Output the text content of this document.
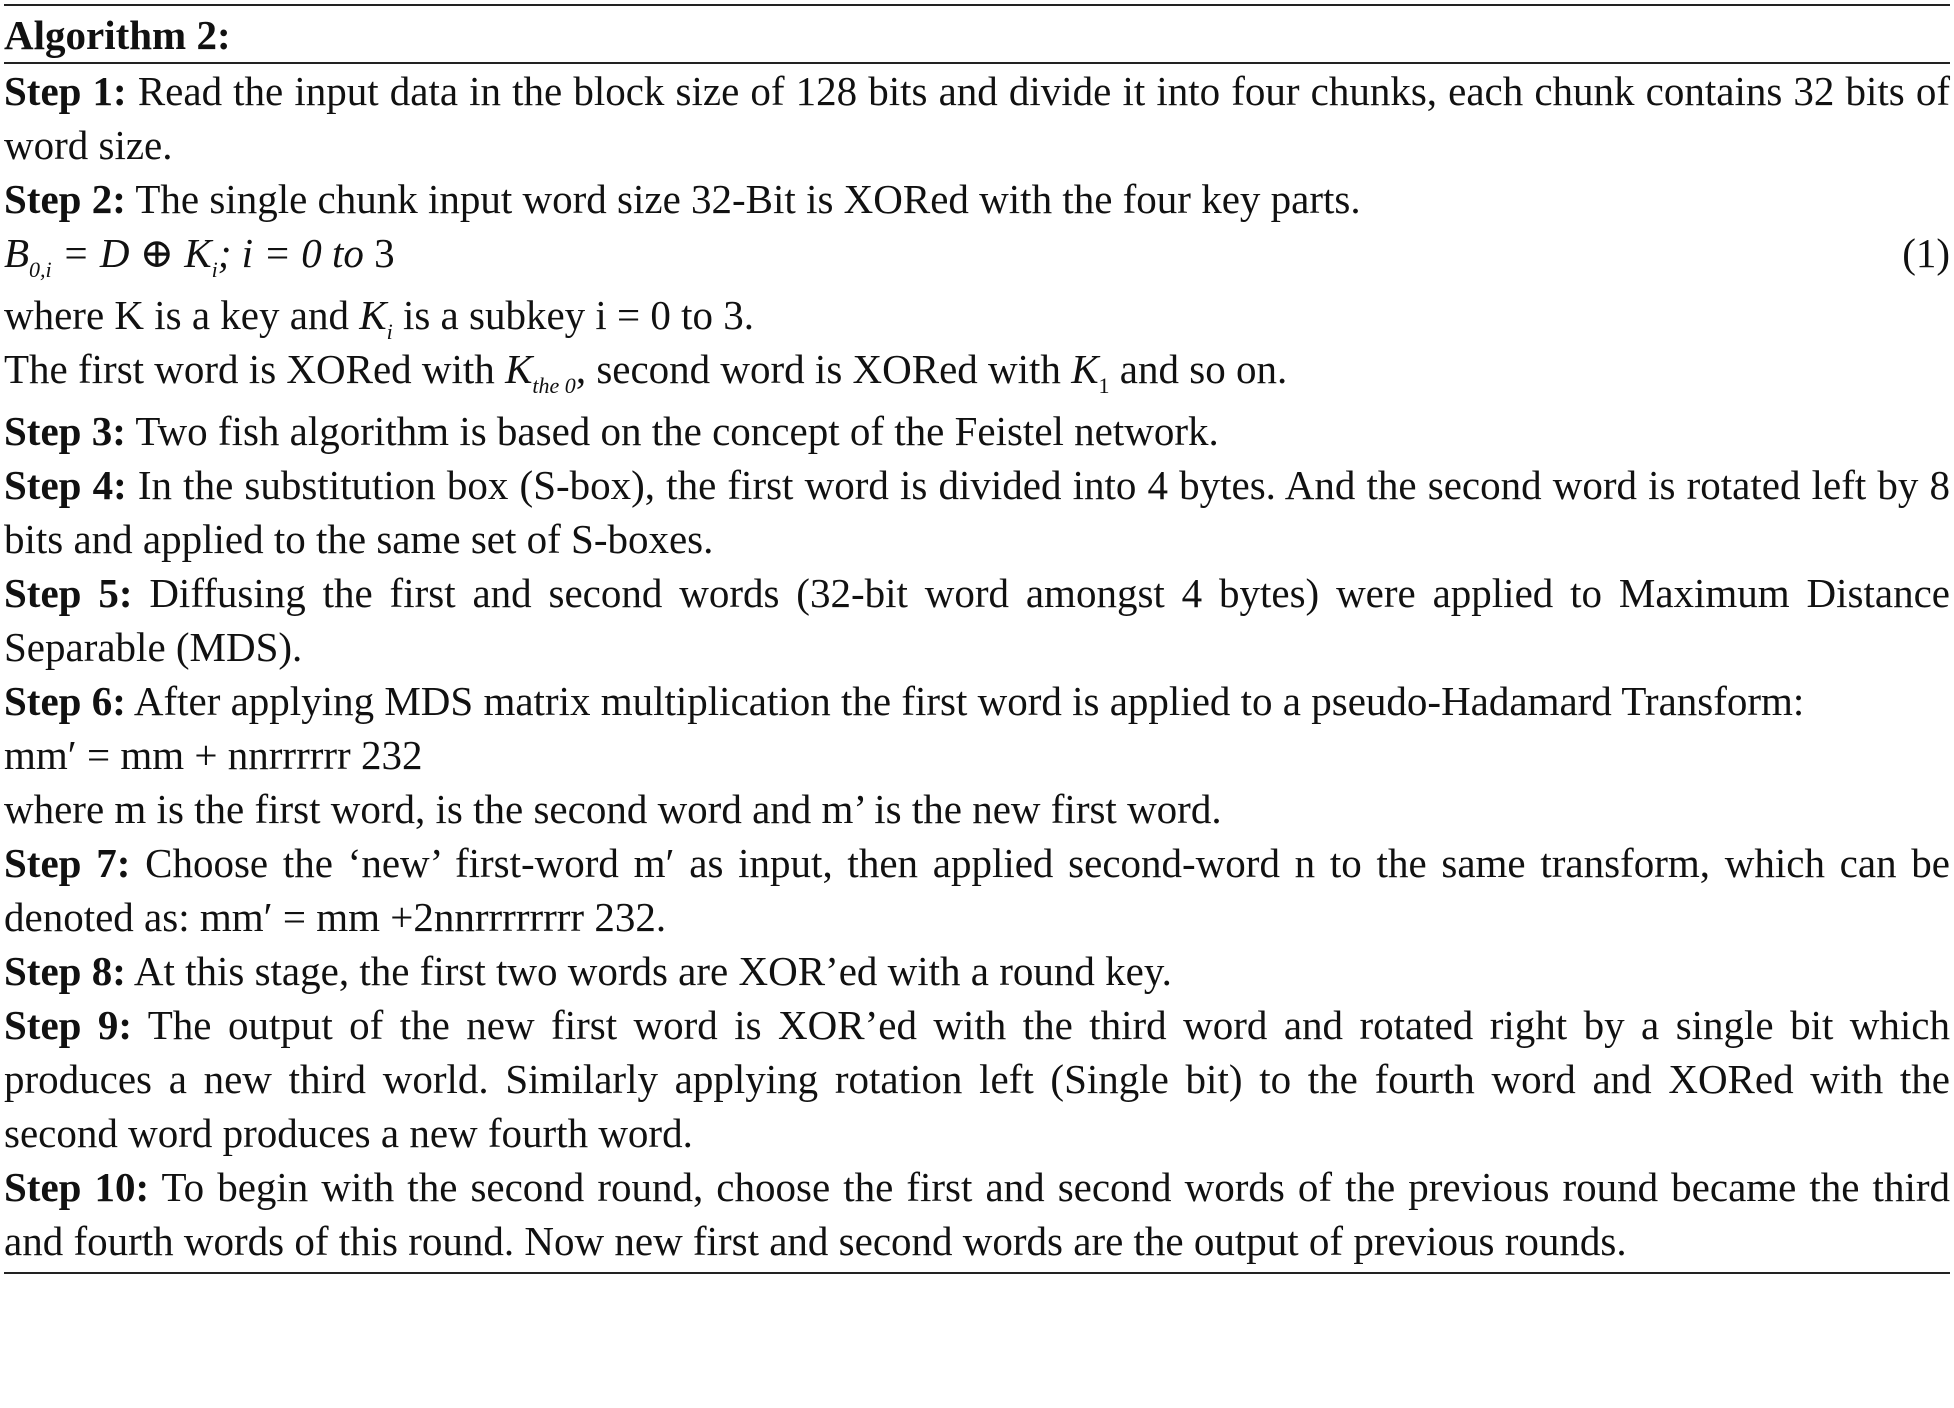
Algorithm 2:

Step 1: Read the input data in the block size of 128 bits and divide it into four chunks, each chunk contains 32 bits of word size.

Step 2: The single chunk input word size 32-Bit is XORed with the four key parts.

$B_{0,i} = D$ ⊕ $K_i$; i = 0 to 3	(1)

where K is a key and $K_i$ is a subkey i = 0 to 3.

The first word is XORed with $K_{the 0}$, second word is XORed with $K_1$ and so on.

Step 3: Two fish algorithm is based on the concept of the Feistel network.

Step 4: In the substitution box (S-box), the first word is divided into 4 bytes. And the second word is rotated left by 8 bits and applied to the same set of S-boxes.

Step 5: Diffusing the first and second words (32-bit word amongst 4 bytes) were applied to Maximum Distance Separable (MDS).

Step 6: After applying MDS matrix multiplication the first word is applied to a pseudo-Hadamard Transform:

mm′ = mm + nnrrrrrr 232

where m is the first word, is the second word and m’ is the new first word.

Step 7: Choose the ‘new’ first-word m′ as input, then applied second-word n to the same transform, which can be denoted as: mm′ = mm +2nnrrrrrrrr 232.

Step 8: At this stage, the first two words are XOR’ed with a round key.

Step 9: The output of the new first word is XOR’ed with the third word and rotated right by a single bit which produces a new third world. Similarly applying rotation left (Single bit) to the fourth word and XORed with the second word produces a new fourth word.

Step 10: To begin with the second round, choose the first and second words of the previous round became the third and fourth words of this round. Now new first and second words are the output of previous rounds.
